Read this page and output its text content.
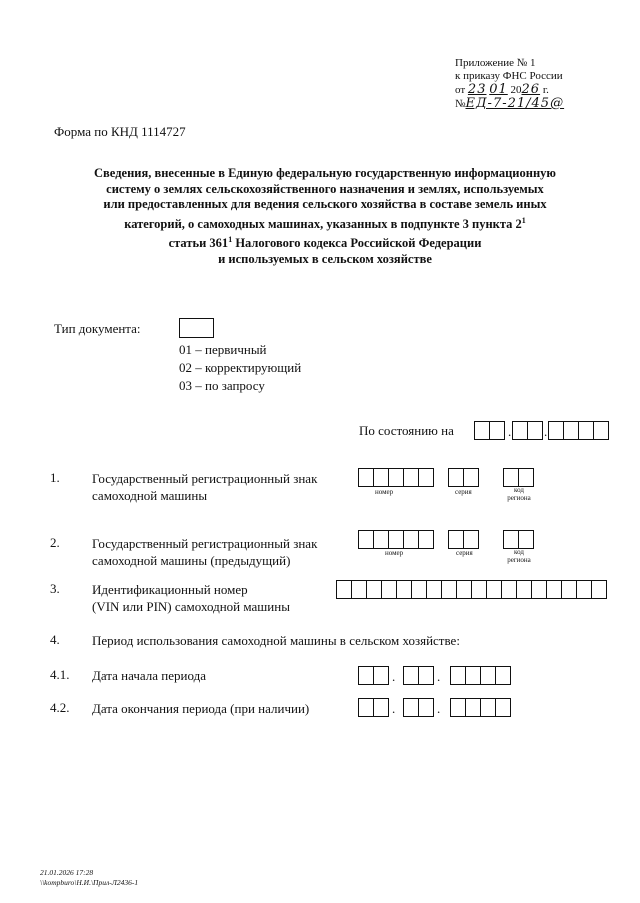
Приложение № 1
к приказу ФНС России
от 23 01 2026 г.
№ЕД-7-21/45@
Форма по КНД 1114727
Сведения, внесенные в Единую федеральную государственную информационную
систему о землях сельскохозяйственного назначения и землях, используемых
или предоставленных для ведения сельского хозяйства в составе земель иных
категорий, о самоходных машинах, указанных в подпункте 3 пункта $2^1$
статьи $361^1$ Налогового кодекса Российской Федерации
и используемых в сельском хозяйстве
Тип документа:
01 – первичный
02 – корректирующий
03 – по запросу
По состоянию на	.	.
1. Государственный регистрационный знак
самоходной машины	номер	серия	код
региона
2. Государственный регистрационный знак
самоходной машины (предыдущий)	номер	серия	код
региона
3. Идентификационный номер
(VIN или PIN) самоходной машины
4. Период использования самоходной машины в сельском хозяйстве:
4.1. Дата начала периода	.	.
4.2. Дата окончания периода (при наличии)	.	.
21.01.2026 17:28
\\kompburo\Н.И.\Прил-Л2436-1
